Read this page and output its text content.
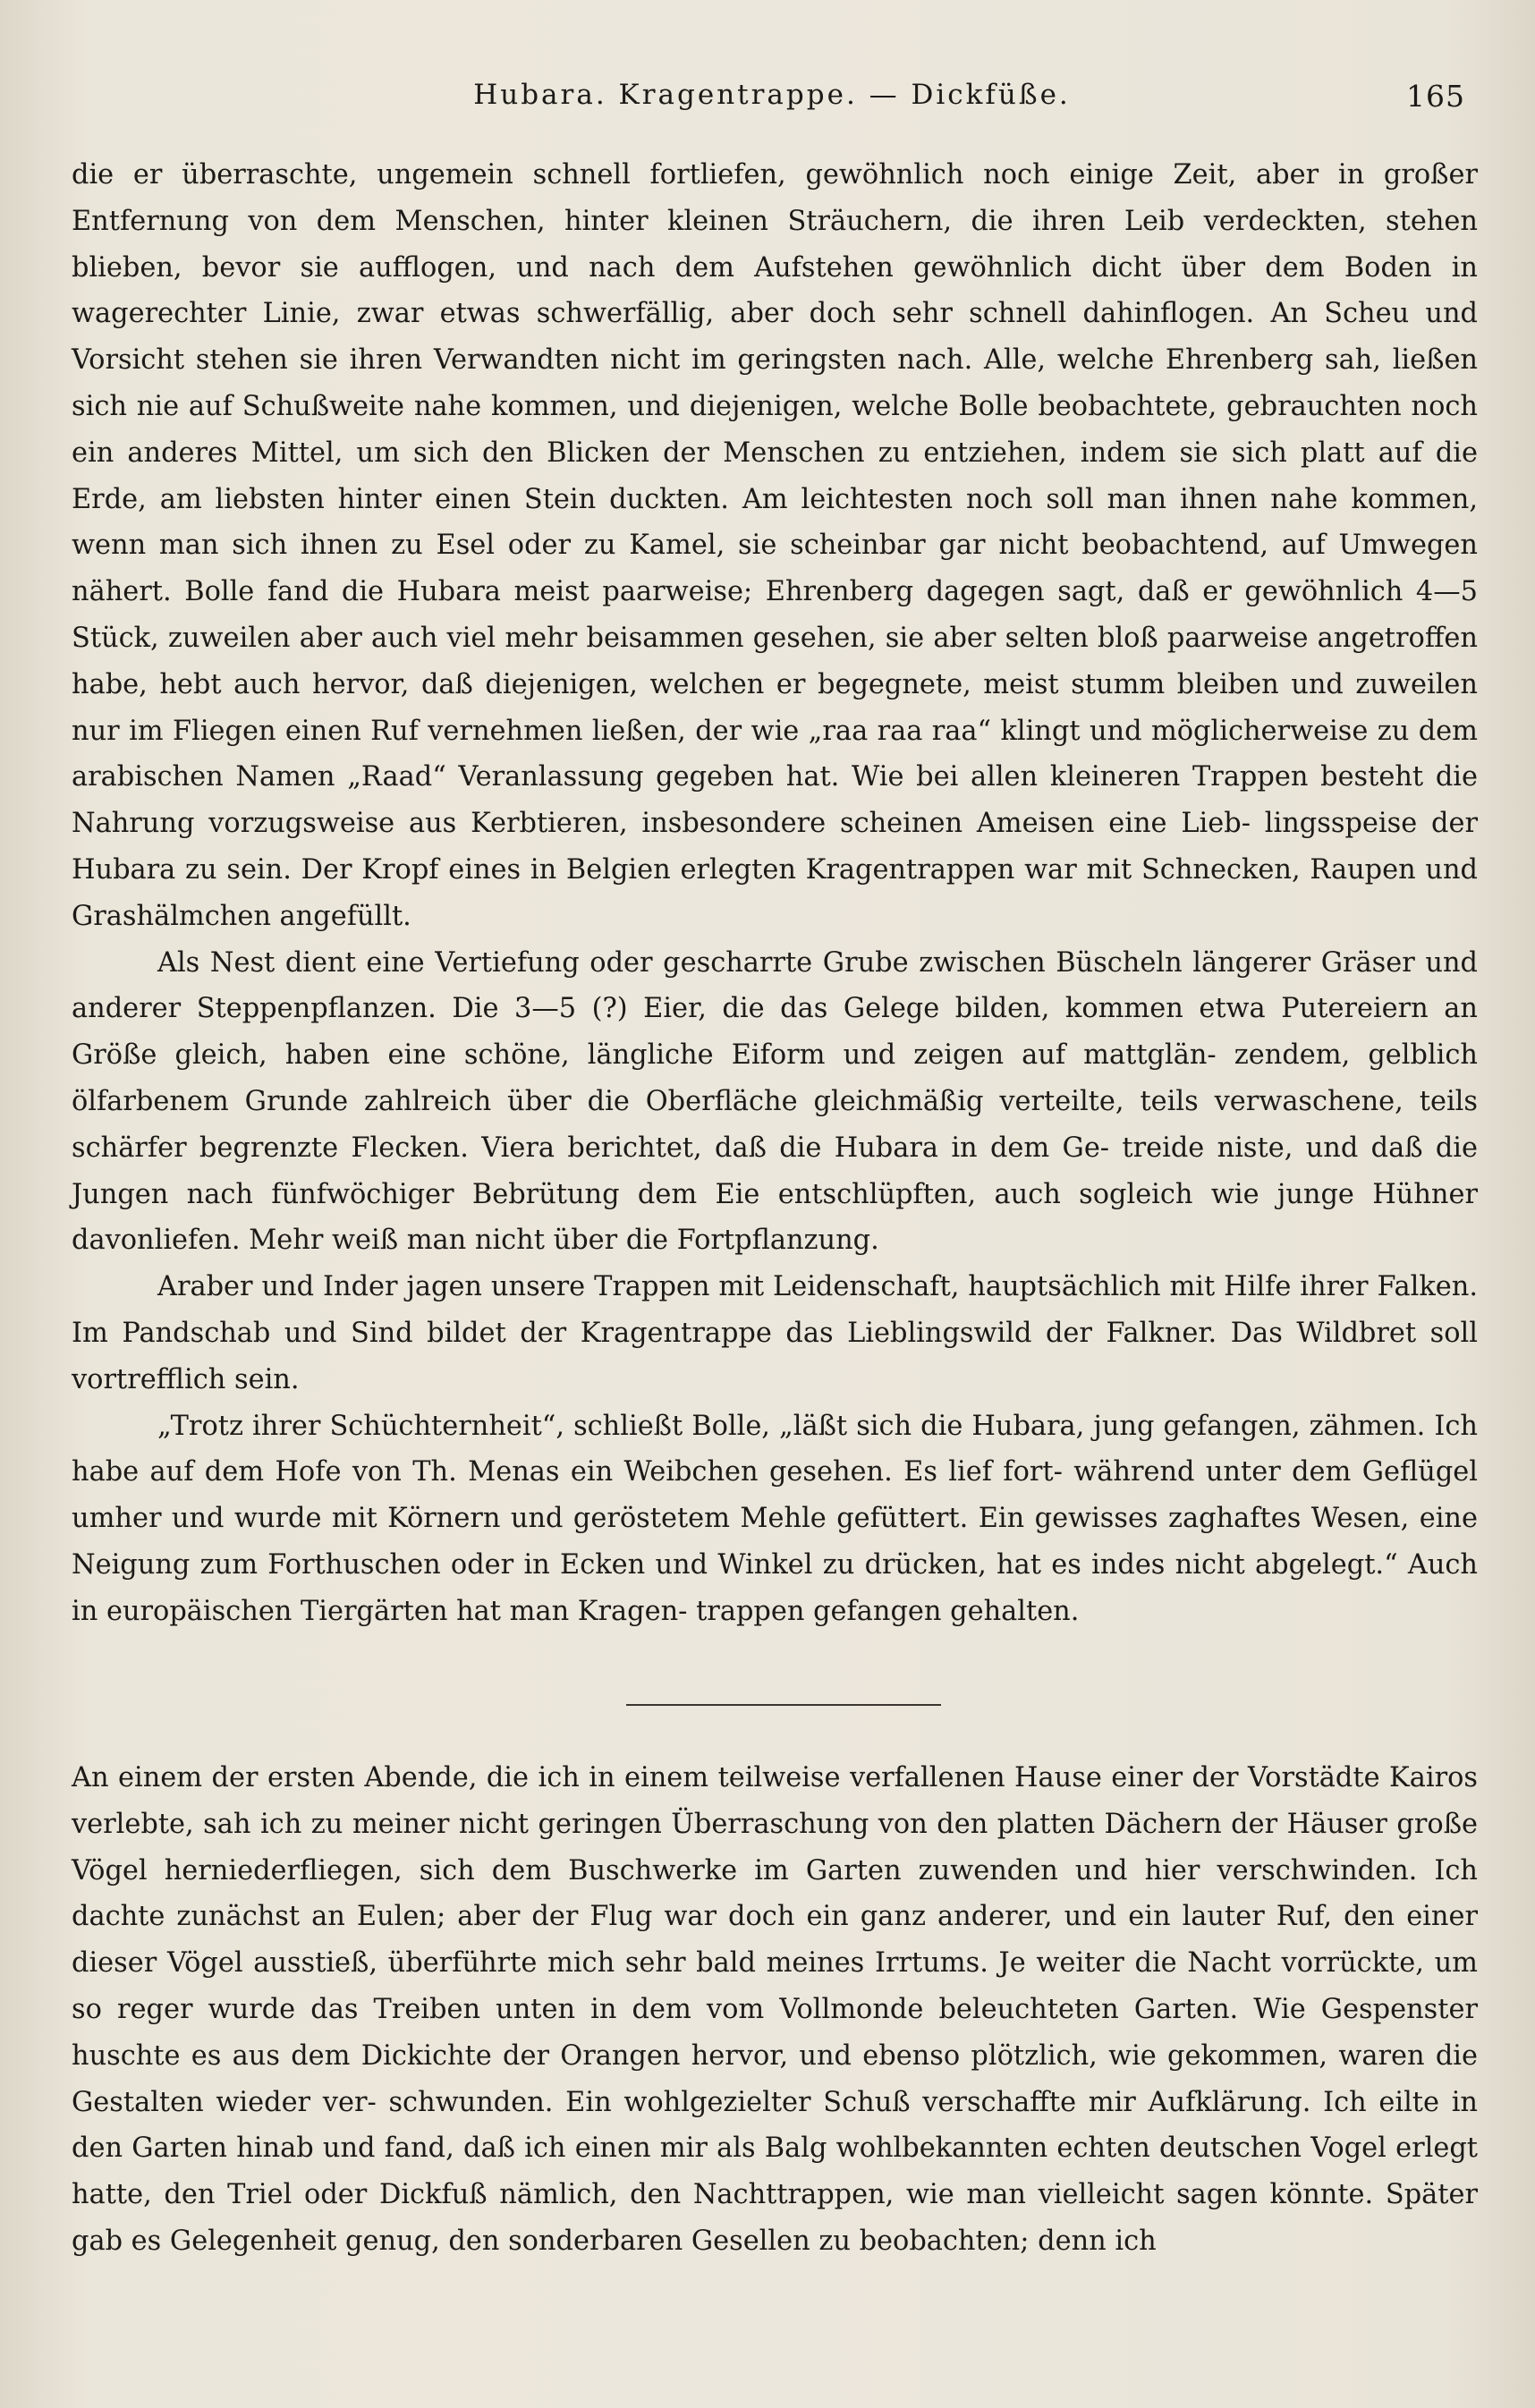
Hubara. Kragentrappe. — Dickfüße.	165

die er überraschte, ungemein schnell fortliefen, gewöhnlich noch einige Zeit, aber in großer Entfernung von dem Menschen, hinter kleinen Sträuchern, die ihren Leib verdeckten, stehen blieben, bevor sie aufflogen, und nach dem Aufstehen gewöhnlich dicht über dem Boden in wagerechter Linie, zwar etwas schwerfällig, aber doch sehr schnell dahinflogen. An Scheu und Vorsicht stehen sie ihren Verwandten nicht im geringsten nach. Alle, welche Ehrenberg sah, ließen sich nie auf Schußweite nahe kommen, und diejenigen, welche Bolle beobachtete, gebrauchten noch ein anderes Mittel, um sich den Blicken der Menschen zu entziehen, indem sie sich platt auf die Erde, am liebsten hinter einen Stein duckten. Am leichtesten noch soll man ihnen nahe kommen, wenn man sich ihnen zu Esel oder zu Kamel, sie scheinbar gar nicht beobachtend, auf Umwegen nähert. Bolle fand die Hubara meist paarweise; Ehrenberg dagegen sagt, daß er gewöhnlich 4—5 Stück, zuweilen aber auch viel mehr beisammen gesehen, sie aber selten bloß paarweise angetroffen habe, hebt auch hervor, daß diejenigen, welchen er begegnete, meist stumm bleiben und zuweilen nur im Fliegen einen Ruf vernehmen ließen, der wie „raa raa raa“ klingt und möglicherweise zu dem arabischen Namen „Raad“ Veranlassung gegeben hat. Wie bei allen kleineren Trappen besteht die Nahrung vorzugsweise aus Kerbtieren, insbesondere scheinen Ameisen eine Lieb- lingsspeise der Hubara zu sein. Der Kropf eines in Belgien erlegten Kragentrappen war mit Schnecken, Raupen und Grashälmchen angefüllt.

Als Nest dient eine Vertiefung oder gescharrte Grube zwischen Büscheln längerer Gräser und anderer Steppenpflanzen. Die 3—5 (?) Eier, die das Gelege bilden, kommen etwa Putereiern an Größe gleich, haben eine schöne, längliche Eiform und zeigen auf mattglän- zendem, gelblich ölfarbenem Grunde zahlreich über die Oberfläche gleichmäßig verteilte, teils verwaschene, teils schärfer begrenzte Flecken. Viera berichtet, daß die Hubara in dem Ge- treide niste, und daß die Jungen nach fünfwöchiger Bebrütung dem Eie entschlüpften, auch sogleich wie junge Hühner davonliefen. Mehr weiß man nicht über die Fortpflanzung.

Araber und Inder jagen unsere Trappen mit Leidenschaft, hauptsächlich mit Hilfe ihrer Falken. Im Pandschab und Sind bildet der Kragentrappe das Lieblingswild der Falkner. Das Wildbret soll vortrefflich sein.

„Trotz ihrer Schüchternheit“, schließt Bolle, „läßt sich die Hubara, jung gefangen, zähmen. Ich habe auf dem Hofe von Th. Menas ein Weibchen gesehen. Es lief fort- während unter dem Geflügel umher und wurde mit Körnern und geröstetem Mehle gefüttert. Ein gewisses zaghaftes Wesen, eine Neigung zum Forthuschen oder in Ecken und Winkel zu drücken, hat es indes nicht abgelegt.“ Auch in europäischen Tiergärten hat man Kragen- trappen gefangen gehalten.

An einem der ersten Abende, die ich in einem teilweise verfallenen Hause einer der Vorstädte Kairos verlebte, sah ich zu meiner nicht geringen Überraschung von den platten Dächern der Häuser große Vögel herniederfliegen, sich dem Buschwerke im Garten zuwenden und hier verschwinden. Ich dachte zunächst an Eulen; aber der Flug war doch ein ganz anderer, und ein lauter Ruf, den einer dieser Vögel ausstieß, überführte mich sehr bald meines Irrtums. Je weiter die Nacht vorrückte, um so reger wurde das Treiben unten in dem vom Vollmonde beleuchteten Garten. Wie Gespenster huschte es aus dem Dickichte der Orangen hervor, und ebenso plötzlich, wie gekommen, waren die Gestalten wieder ver- schwunden. Ein wohlgezielter Schuß verschaffte mir Aufklärung. Ich eilte in den Garten hinab und fand, daß ich einen mir als Balg wohlbekannten echten deutschen Vogel erlegt hatte, den Triel oder Dickfuß nämlich, den Nachttrappen, wie man vielleicht sagen könnte. Später gab es Gelegenheit genug, den sonderbaren Gesellen zu beobachten; denn ich
